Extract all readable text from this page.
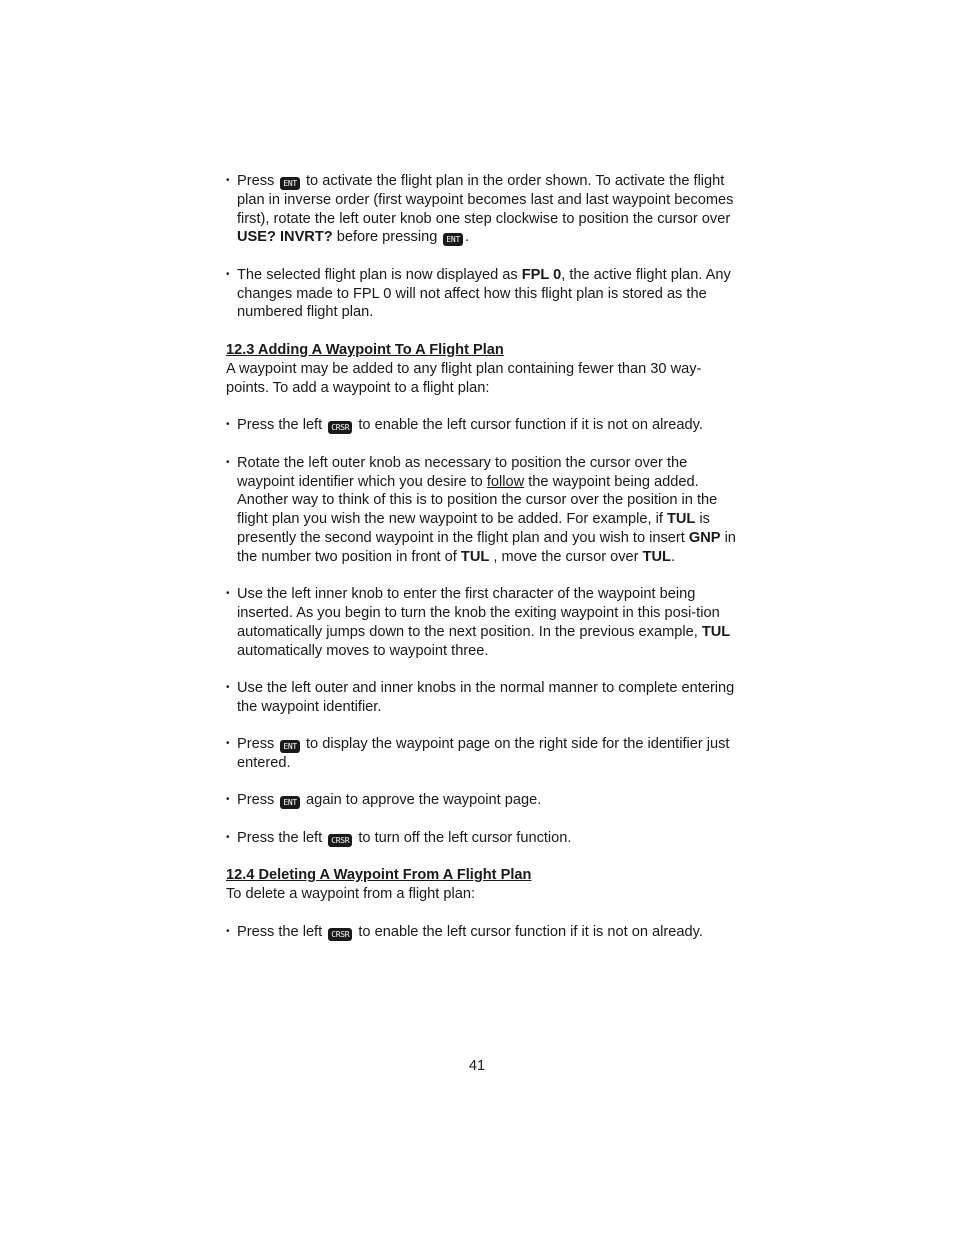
•
Press ENT to activate the flight plan in the order shown. To activate the flight plan in inverse order (first waypoint becomes last and last waypoint becomes first), rotate the left outer knob one step clockwise to position the cursor over USE? INVRT? before pressing ENT .

•
The selected flight plan is now displayed as FPL 0, the active flight plan. Any changes made to FPL 0 will not affect how this flight plan is stored as the numbered flight plan.

12.3 Adding A Waypoint To A Flight Plan

A waypoint may be added to any flight plan containing fewer than 30 way-points. To add a waypoint to a flight plan:

•
Press the left CRSR to enable the left cursor function if it is not on already.

•
Rotate the left outer knob as necessary to position the cursor over the waypoint identifier which you desire to follow the waypoint being added. Another way to think of this is to position the cursor over the position in the flight plan you wish the new waypoint to be added. For example, if TUL is presently the second waypoint in the flight plan and you wish to insert GNP in the number two position in front of TUL , move the cursor over TUL.

•
Use the left inner knob to enter the first character of the waypoint being inserted. As you begin to turn the knob the exiting waypoint in this posi-tion automatically jumps down to the next position. In the previous example, TUL automatically moves to waypoint three.

•
Use the left outer and inner knobs in the normal manner to complete entering the waypoint identifier.

•
Press ENT to display the waypoint page on the right side for the identifier just entered.

•
Press ENT again to approve the waypoint page.

•
Press the left CRSR to turn off the left cursor function.

12.4 Deleting A Waypoint From A Flight Plan

To delete a waypoint from a flight plan:

•
Press the left CRSR to enable the left cursor function if it is not on already.

41
